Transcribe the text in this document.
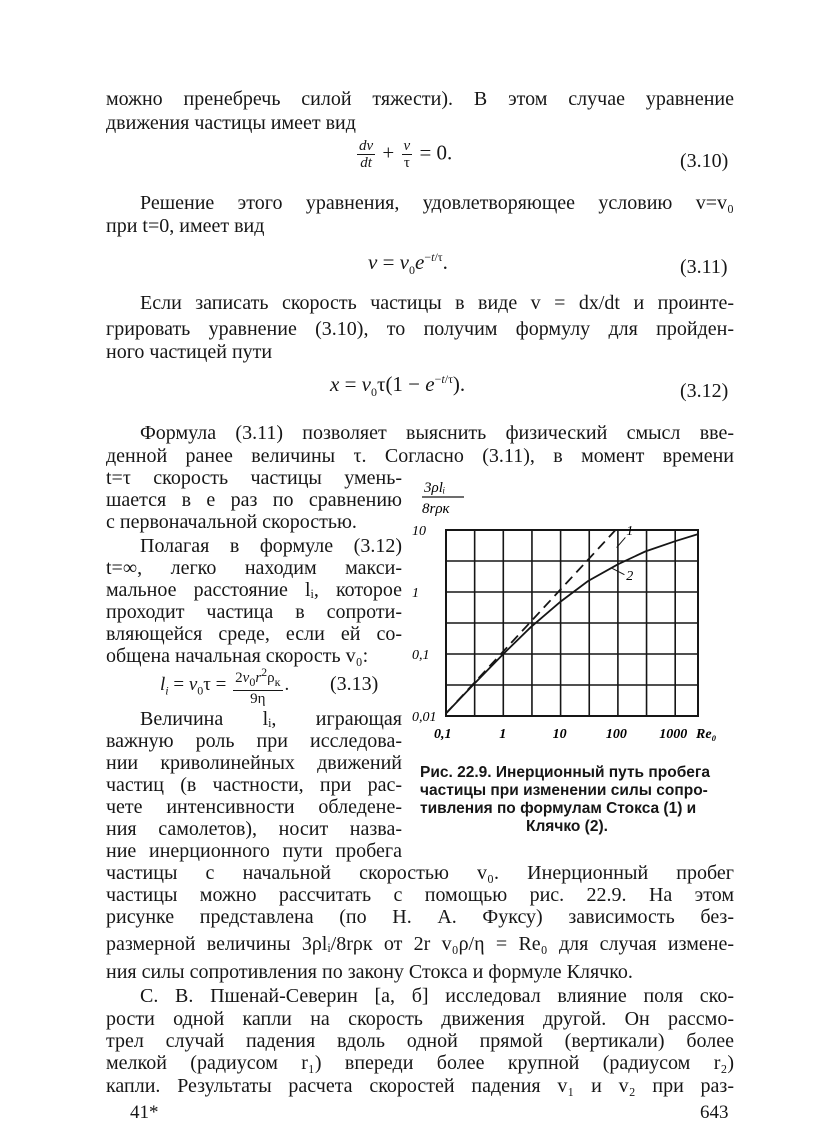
можно пренебречь силой тяжести). В этом случае уравнение
движения частицы имеет вид
$\frac{dv}{dt} + \frac{v}{\tau} = 0$.	(3.10)
Решение этого уравнения, удовлетворяющее условию v=v₀
при t=0, имеет вид
$v = v_0e^{-t/\tau}$.	(3.11)
Если записать скорость частицы в виде v = dx/dt и проинте-
грировать уравнение (3.10), то получим формулу для пройден-
ного частицей пути
$x = v_0\tau(1 - e^{-t/\tau})$.	(3.12)
Формула (3.11) позволяет выяснить физический смысл вве-
денной ранее величины τ. Согласно (3.11), в момент времени
t=τ скорость частицы умень-
шается в e раз по сравнению
с первоначальной скоростью.
Полагая в формуле (3.12)
t=∞, легко находим макси-
мальное расстояние lᵢ, которое
проходит частица в сопроти-
вляющейся среде, если ей со-
общена начальная скорость v₀:
$l_i = v_0\tau = \frac{2v_0r^2\rho_к}{9\eta}$ . (3.13)
Величина lᵢ, играющая
важную роль при исследова-
нии криволинейных движений
частиц (в частности, при рас-
чете интенсивности обледене-
ния самолетов), носит назва-
ние инерционного пути пробега
частицы с начальной скоростью v₀. Инерционный пробег
частицы можно рассчитать с помощью рис. 22.9. На этом
рисунке представлена (по Н. А. Фуксу) зависимость без-
размерной величины 3ρlᵢ/8rρк от 2r v₀ρ/η = Re₀ для случая измене-
ния силы сопротивления по закону Стокса и формуле Клячко.
С. В. Пшенай-Северин [а, б] исследовал влияние поля ско-
рости одной капли на скорость движения другой. Он рассмо-
трел случай падения вдоль одной прямой (вертикали) более
мелкой (радиусом r₁) впереди более крупной (радиусом r₂)
капли. Результаты расчета скоростей падения v₁ и v₂ при раз-
3ρlᵢ
8rρк
10
1
0,1
0,01
0,1	1	10	100 1000 Re₀
1
2
Рис. 22.9. Инерционный путь пробега
частицы при изменении силы сопро-
тивления по формулам Стокса (1) и
Клячко (2).
41*	643
